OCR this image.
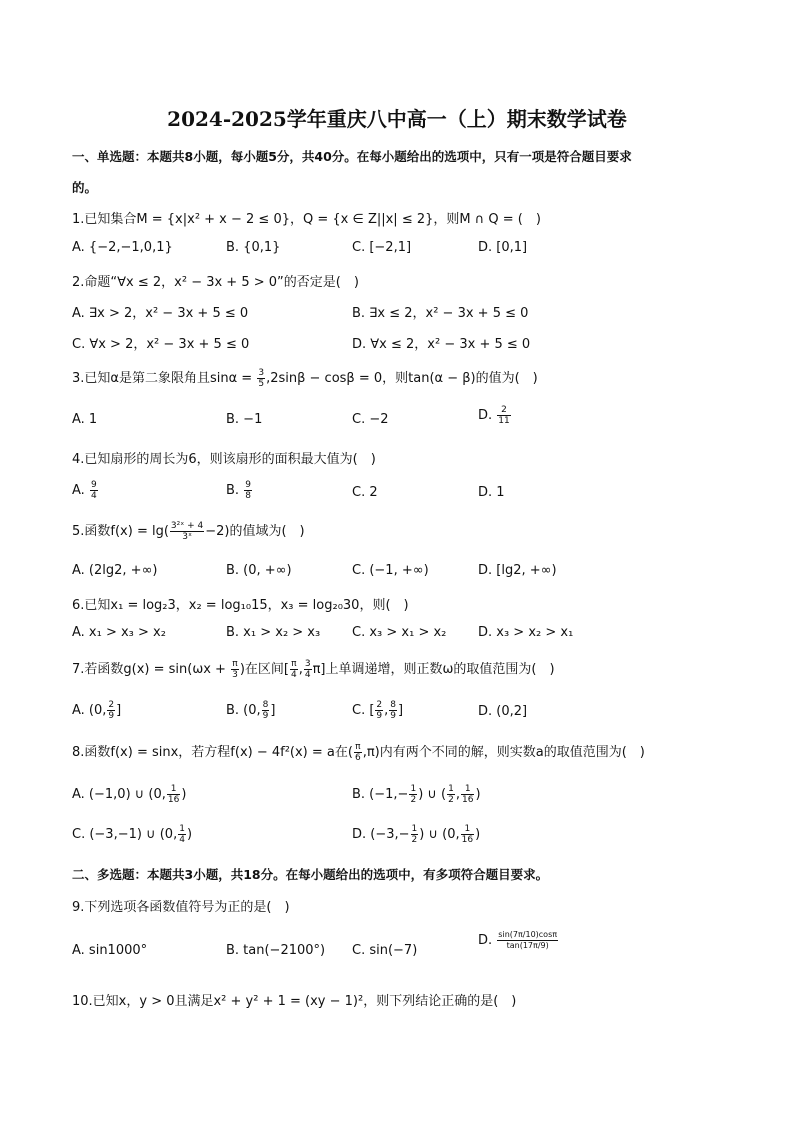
2024-2025学年重庆八中高一（上）期末数学试卷
一、单选题：本题共8小题，每小题5分，共40分。在每小题给出的选项中，只有一项是符合题目要求
的。
1.已知集合M = {x|x² + x − 2 ≤ 0}，Q = {x ∈ Z||x| ≤ 2}，则M ∩ Q = (　)
A. {−2,−1,0,1}	B. {0,1}	C. [−2,1]	D. [0,1]
2.命题“∀x ≤ 2，x² − 3x + 5 > 0”的否定是(　)
A. ∃x > 2，x² − 3x + 5 ≤ 0	B. ∃x ≤ 2，x² − 3x + 5 ≤ 0
C. ∀x > 2，x² − 3x + 5 ≤ 0	D. ∀x ≤ 2，x² − 3x + 5 ≤ 0
3.已知α是第二象限角且$\sin\alpha = \frac{3}{5} ,2\sin\beta - \cos\beta = 0$，则tan(α − β)的值为(　)
A. 1	B. −1	C. −2	D. $\frac{2}{11}$
4.已知扇形的周长为6，则该扇形的面积最大值为(　)
A. $\frac{9}{4}$	B. $\frac{9}{8}$	C. 2	D. 1
5.函数$f(x) = \lg( \frac{\text{3²ˣ + 4}}{\text{3ˣ}} -2)$的值域为(　)
A. (2lg2, +∞)	B. (0, +∞)	C. (−1, +∞)	D. [lg2, +∞)
6.已知x₁ = log₂3，x₂ = log₁₀15，x₃ = log₂₀30，则(　)
A. x₁ > x₃ > x₂	B. x₁ > x₂ > x₃ C. x₃ > x₁ > x₂ D. x₃ > x₂ > x₁
7.若函数$g(x) = \sin(\omega x + \frac{\pi}{3}$ )在区间[ $\frac{\pi}{4}$ , $\frac{3}{4} \pi$]上单调递增，则正数ω的取值范围为(　)
A. (0, $\frac{2}{9}$ ]	B. (0, $\frac{8}{9}$ ]	C. [ $\frac{2}{9}$ , $\frac{8}{9}$ ]	D. (0,2]
8.函数f(x) = sinx，若方程f(x) − 4f²(x) = a在( $\frac{\pi}{6} ,\pi$)内有两个不同的解，则实数a的取值范围为(　)
A. (−1,0) ∪ (0, $\frac{1}{16}$ )	B. ($-1,- \frac{1}{2}$ ) ∪ ( $\frac{1}{2}$ , $\frac{1}{16}$ )
C. (−3,−1) ∪ (0, $\frac{1}{4}$ )	D. ($-3,- \frac{1}{2}$ ) ∪ (0, $\frac{1}{16}$ )
二、多选题：本题共3小题，共18分。在每小题给出的选项中，有多项符合题目要求。
9.下列选项各函数值符号为正的是(　)
A. sin1000°	B. tan(−2100°) C. sin(−7)
D. $\frac{\sin(7\pi/10)\cos\pi}{\tan(17\pi/9)}$
10.已知x，y > 0且满足x² + y² + 1 = (xy − 1)²，则下列结论正确的是(　)
